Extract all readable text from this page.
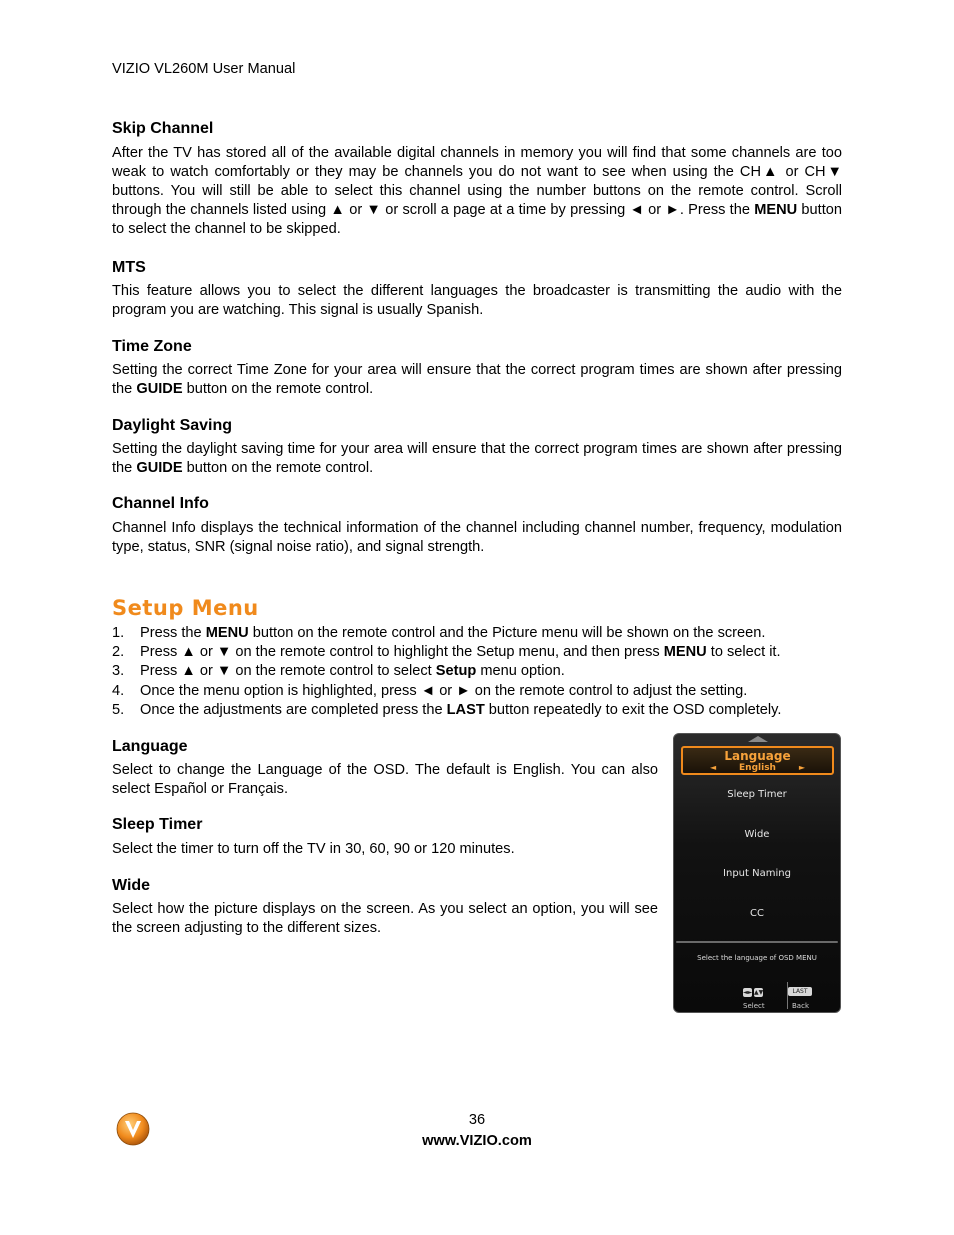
VIZIO VL260M User Manual
Skip Channel
After the TV has stored all of the available digital channels in memory you will find that some channels are too weak to watch comfortably or they may be channels you do not want to see when using the CH▲ or CH▼ buttons. You will still be able to select this channel using the number buttons on the remote control. Scroll through the channels listed using ▲ or ▼ or scroll a page at a time by pressing ◄ or ►. Press the MENU button to select the channel to be skipped.
MTS
This feature allows you to select the different languages the broadcaster is transmitting the audio with the program you are watching. This signal is usually Spanish.
Time Zone
Setting the correct Time Zone for your area will ensure that the correct program times are shown after pressing the GUIDE button on the remote control.
Daylight Saving
Setting the daylight saving time for your area will ensure that the correct program times are shown after pressing the GUIDE button on the remote control.
Channel Info
Channel Info displays the technical information of the channel including channel number, frequency, modulation type, status, SNR (signal noise ratio), and signal strength.
Setup Menu
1.	Press the MENU button on the remote control and the Picture menu will be shown on the screen.
2.	Press ▲ or ▼ on the remote control to highlight the Setup menu, and then press MENU to select it.
3.	Press ▲ or ▼ on the remote control to select Setup menu option.
4.	Once the menu option is highlighted, press ◄ or ► on the remote control to adjust the setting.
5.	Once the adjustments are completed press the LAST button repeatedly to exit the OSD completely.
Language
Select to change the Language of the OSD. The default is English. You can also select Español or Français.
Sleep Timer
Select the timer to turn off the TV in 30, 60, 90 or 120 minutes.
Wide
Select how the picture displays on the screen. As you select an option, you will see the screen adjusting to the different sizes.
Language
◄	English	►
Sleep Timer
Wide
Input Naming
CC
Select the language of OSD MENU
◄► ▲▼
Select
LAST
Back
36
www.VIZIO.com
